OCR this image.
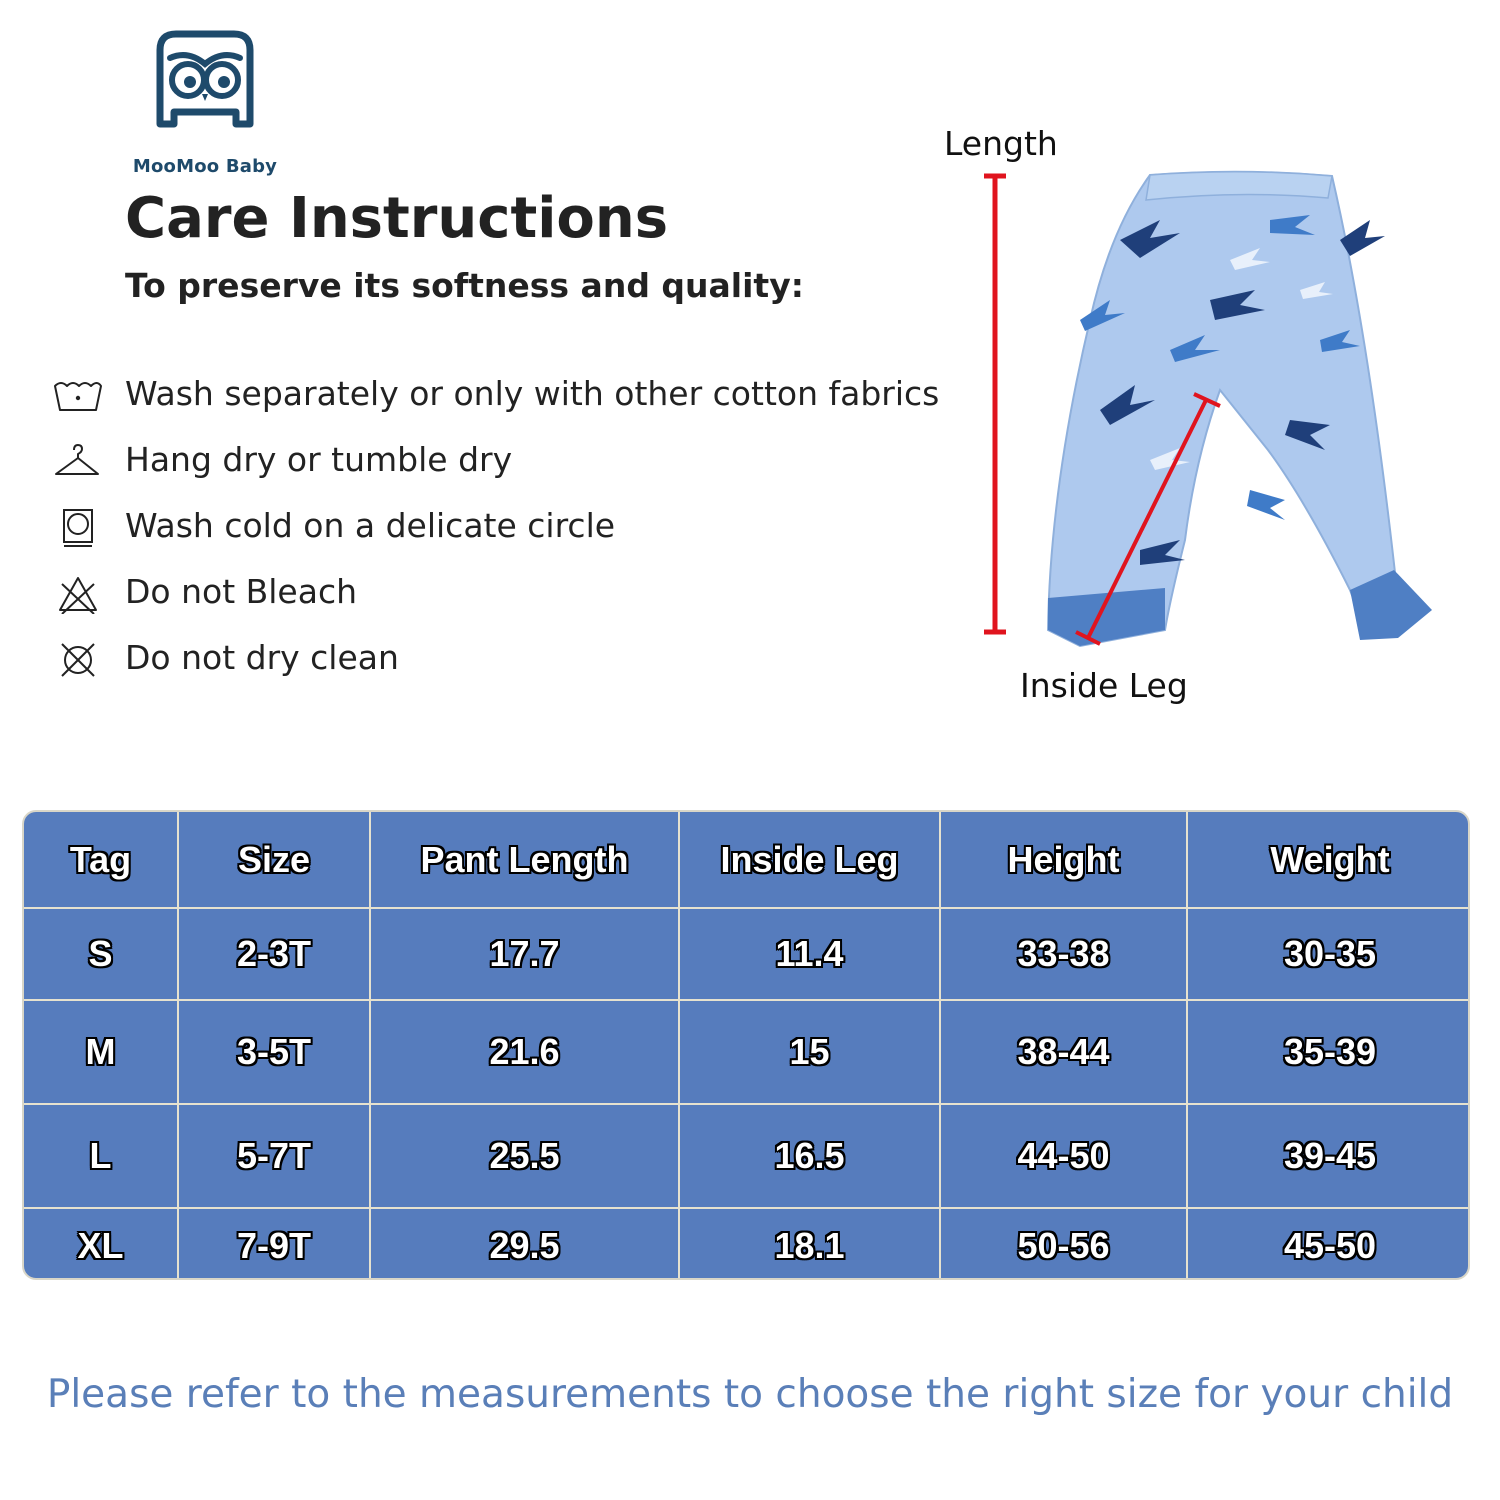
MooMoo Baby
Care Instructions
To preserve its softness and quality:
Wash separately or only with other cotton fabrics
Hang dry or tumble dry
Wash cold on a delicate circle
Do not Bleach
Do not dry clean
Length
Inside Leg
Tag	Size	Pant Length	Inside Leg	Height	Weight
S	2-3T	17.7	11.4	33-38	30-35
M	3-5T	21.6	15	38-44	35-39
L	5-7T	25.5	16.5	44-50	39-45
XL	7-9T	29.5	18.1	50-56	45-50
Please refer to the measurements to choose the right size for your child
